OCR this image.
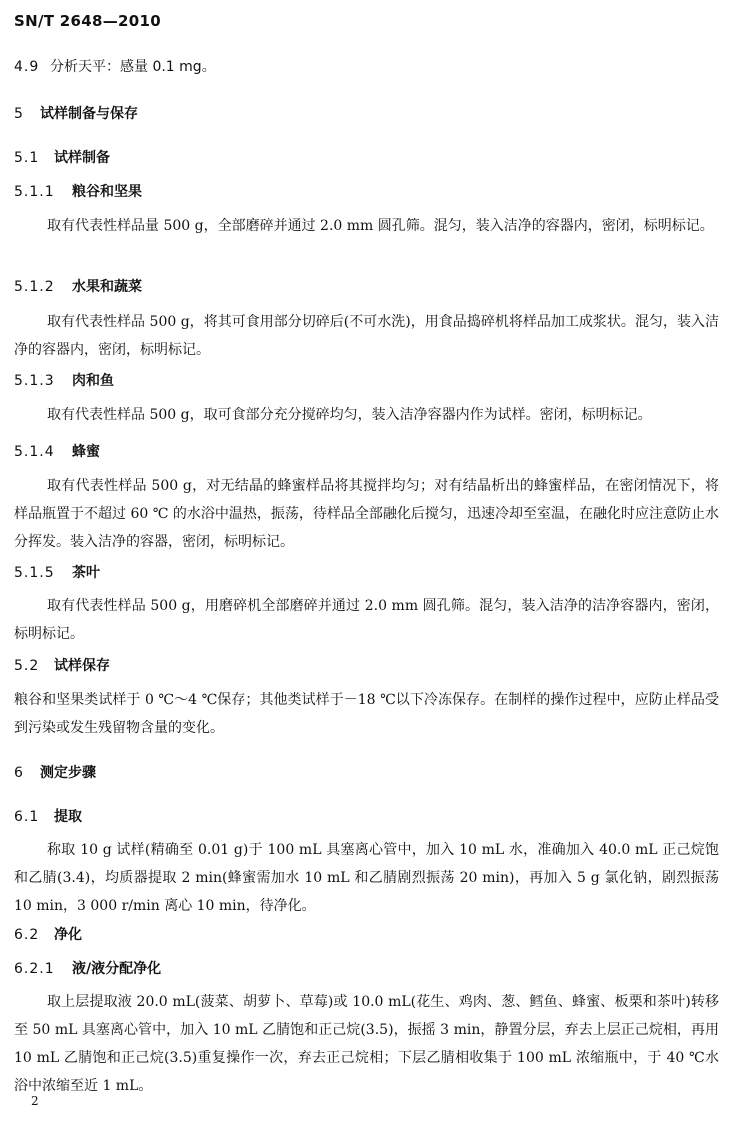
SN/T 2648—2010
4.9 分析天平：感量 0.1 mg。
5 试样制备与保存
5.1 试样制备
5.1.1 粮谷和坚果

取有代表性样品量 500 g，全部磨碎并通过 2.0 mm 圆孔筛。混匀，装入洁净的容器内，密闭，标明标记。

5.1.2 水果和蔬菜

取有代表性样品 500 g，将其可食用部分切碎后(不可水洗)，用食品捣碎机将样品加工成浆状。混匀，装入洁净的容器内，密闭，标明标记。

5.1.3 肉和鱼

取有代表性样品 500 g，取可食部分充分搅碎均匀，装入洁净容器内作为试样。密闭，标明标记。

5.1.4 蜂蜜

取有代表性样品 500 g，对无结晶的蜂蜜样品将其搅拌均匀；对有结晶析出的蜂蜜样品，在密闭情况下，将样品瓶置于不超过 60 ℃ 的水浴中温热，振荡，待样品全部融化后搅匀，迅速冷却至室温，在融化时应注意防止水分挥发。装入洁净的容器，密闭，标明标记。

5.1.5 茶叶

取有代表性样品 500 g，用磨碎机全部磨碎并通过 2.0 mm 圆孔筛。混匀，装入洁净的洁净容器内，密闭，标明标记。

5.2 试样保存

粮谷和坚果类试样于 0 ℃～4 ℃保存；其他类试样于－18 ℃以下冷冻保存。在制样的操作过程中，应防止样品受到污染或发生残留物含量的变化。

6 测定步骤
6.1 提取

称取 10 g 试样(精确至 0.01 g)于 100 mL 具塞离心管中，加入 10 mL 水，准确加入 40.0 mL 正己烷饱和乙腈(3.4)，均质器提取 2 min(蜂蜜需加水 10 mL 和乙腈剧烈振荡 20 min)，再加入 5 g 氯化钠，剧烈振荡 10 min，3 000 r/min 离心 10 min，待净化。

6.2 净化
6.2.1 液/液分配净化

取上层提取液 20.0 mL(菠菜、胡萝卜、草莓)或 10.0 mL(花生、鸡肉、葱、鳕鱼、蜂蜜、板栗和茶叶)转移至 50 mL 具塞离心管中，加入 10 mL 乙腈饱和正己烷(3.5)，振摇 3 min，静置分层，弃去上层正己烷相，再用 10 mL 乙腈饱和正己烷(3.5)重复操作一次，弃去正己烷相；下层乙腈相收集于 100 mL 浓缩瓶中，于 40 ℃水浴中浓缩至近 1 mL。

2
